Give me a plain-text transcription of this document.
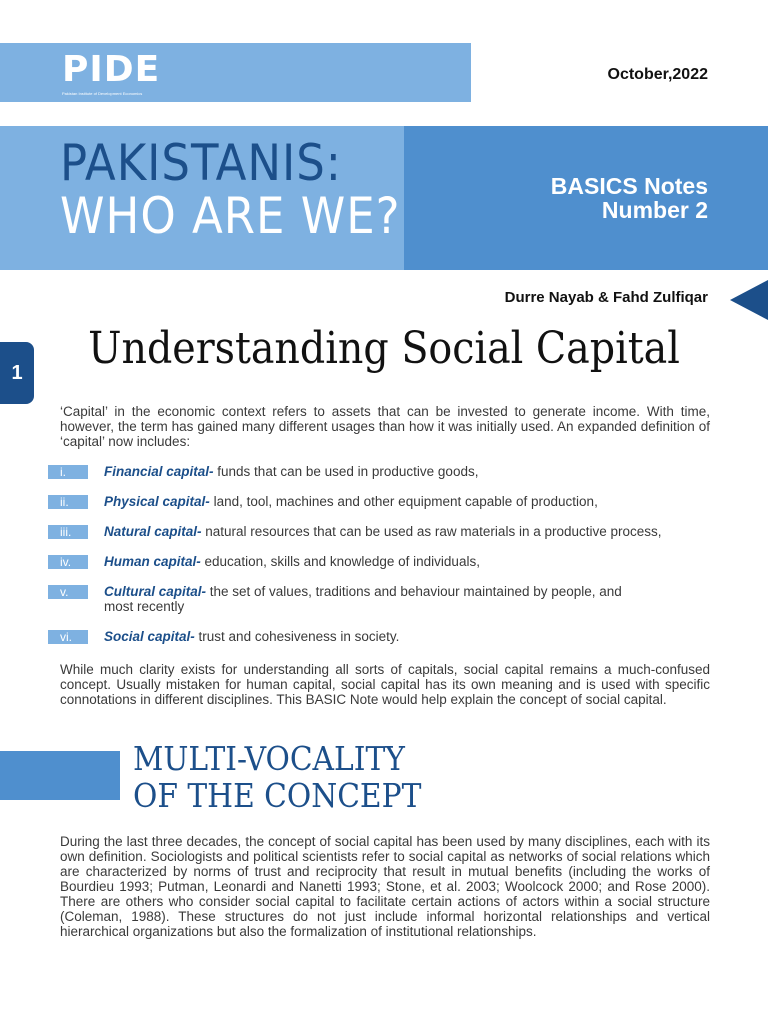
PIDE
Pakistan Institute of Development Economics
October,2022
PAKISTANIS:
WHO ARE WE?
BASICS Notes
Number 2
Durre Nayab & Fahd Zulfiqar
1	Understanding Social Capital
‘Capital’ in the economic context refers to assets that can be invested to generate income. With time, however, the term has gained many different usages than how it was initially used. An expanded definition of ‘capital’ now includes:
i.	Financial capital- funds that can be used in productive goods,
ii.	Physical capital- land, tool, machines and other equipment capable of production,
iii.	Natural capital- natural resources that can be used as raw materials in a productive process,
iv.	Human capital- education, skills and knowledge of individuals,
v.	Cultural capital- the set of values, traditions and behaviour maintained by people, and most recently
vi.	Social capital- trust and cohesiveness in society.
While much clarity exists for understanding all sorts of capitals, social capital remains a much-confused concept. Usually mistaken for human capital, social capital has its own meaning and is used with specific connotations in different disciplines. This BASIC Note would help explain the concept of social capital.
MULTI-VOCALITY
OF THE CONCEPT
During the last three decades, the concept of social capital has been used by many disciplines, each with its own definition. Sociologists and political scientists refer to social capital as networks of social relations which are characterized by norms of trust and reciprocity that result in mutual benefits (including the works of Bourdieu 1993; Putman, Leonardi and Nanetti 1993; Stone, et al. 2003; Woolcock 2000; and Rose 2000). There are others who consider social capital to facilitate certain actions of actors within a social structure (Coleman, 1988). These structures do not just include informal horizontal relationships and vertical hierarchical organizations but also the formalization of institutional relationships.
